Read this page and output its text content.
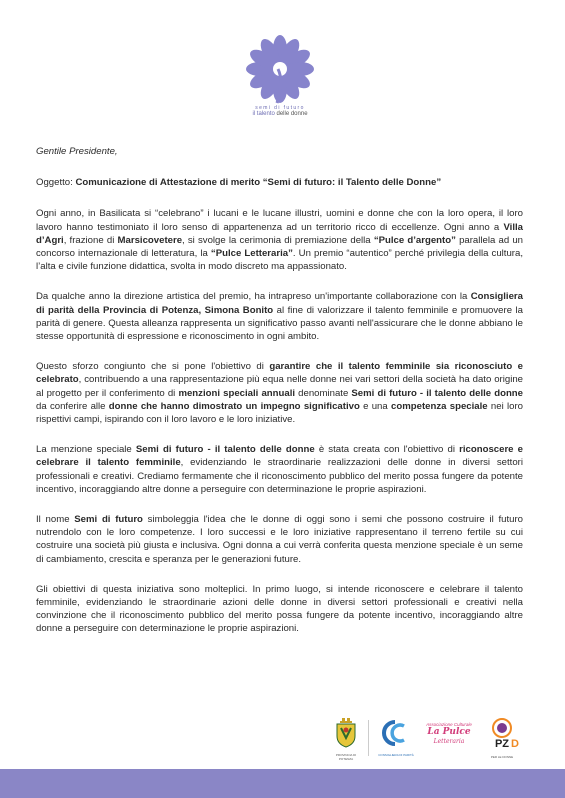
semi di futuro
il talento delle donne
Gentile Presidente,
Oggetto: Comunicazione di Attestazione di merito “Semi di futuro: il Talento delle Donne”

Ogni anno, in Basilicata si “celebrano” i lucani e le lucane illustri, uomini e donne che con la loro opera, il loro lavoro hanno testimoniato il loro senso di appartenenza ad un territorio ricco di eccellenze. Ogni anno a Villa d’Agri, frazione di Marsicovetere, si svolge la cerimonia di premiazione della “Pulce d’argento” parallela ad un concorso internazionale di letteratura, la “Pulce Letteraria”. Un premio “autentico” perché privilegia della cultura, l’alta e civile funzione didattica, svolta in modo discreto ma appassionato.

Da qualche anno la direzione artistica del premio, ha intrapreso un'importante collaborazione con la Consigliera di parità della Provincia di Potenza, Simona Bonito al fine di valorizzare il talento femminile e promuovere la parità di genere. Questa alleanza rappresenta un significativo passo avanti nell'assicurare che le donne abbiano le stesse opportunità di espressione e riconoscimento in ogni ambito.

Questo sforzo congiunto che si pone l'obiettivo di garantire che il talento femminile sia riconosciuto e celebrato, contribuendo a una rappresentazione più equa nelle donne nei vari settori della società ha dato origine al progetto per il conferimento di menzioni speciali annuali denominate Semi di futuro - il talento delle donne da conferire alle donne che hanno dimostrato un impegno significativo e una competenza speciale nei loro rispettivi campi, ispirando con il loro lavoro e le loro iniziative.

La menzione speciale Semi di futuro - il talento delle donne è stata creata con l'obiettivo di riconoscere e celebrare il talento femminile, evidenziando le straordinarie realizzazioni delle donne in diversi settori professionali e creativi. Crediamo fermamente che il riconoscimento pubblico del merito possa fungere da potente incentivo, incoraggiando altre donne a perseguire con determinazione le proprie aspirazioni.

Il nome Semi di futuro simboleggia l'idea che le donne di oggi sono i semi che possono costruire il futuro nutrendolo con le loro competenze. I loro successi e le loro iniziative rappresentano il terreno fertile su cui costruire una società più giusta e inclusiva. Ogni donna a cui verrà conferita questa menzione speciale è un seme di cambiamento, crescita e speranza per le generazioni future.

Gli obiettivi di questa iniziativa sono molteplici. In primo luogo, si intende riconoscere e celebrare il talento femminile, evidenziando le straordinarie azioni delle donne in diversi settori professionali e creativi nella convinzione che il riconoscimento pubblico del merito possa fungere da potente incentivo, incoraggiando altre donne a perseguire con determinazione le proprie aspirazioni.

PROVINCIA DI POTENZA
CONSIGLIERA DI PARITÀ
Associazione Culturale
La Pulce
Letteraria	PZ D
PER LE DONNE
